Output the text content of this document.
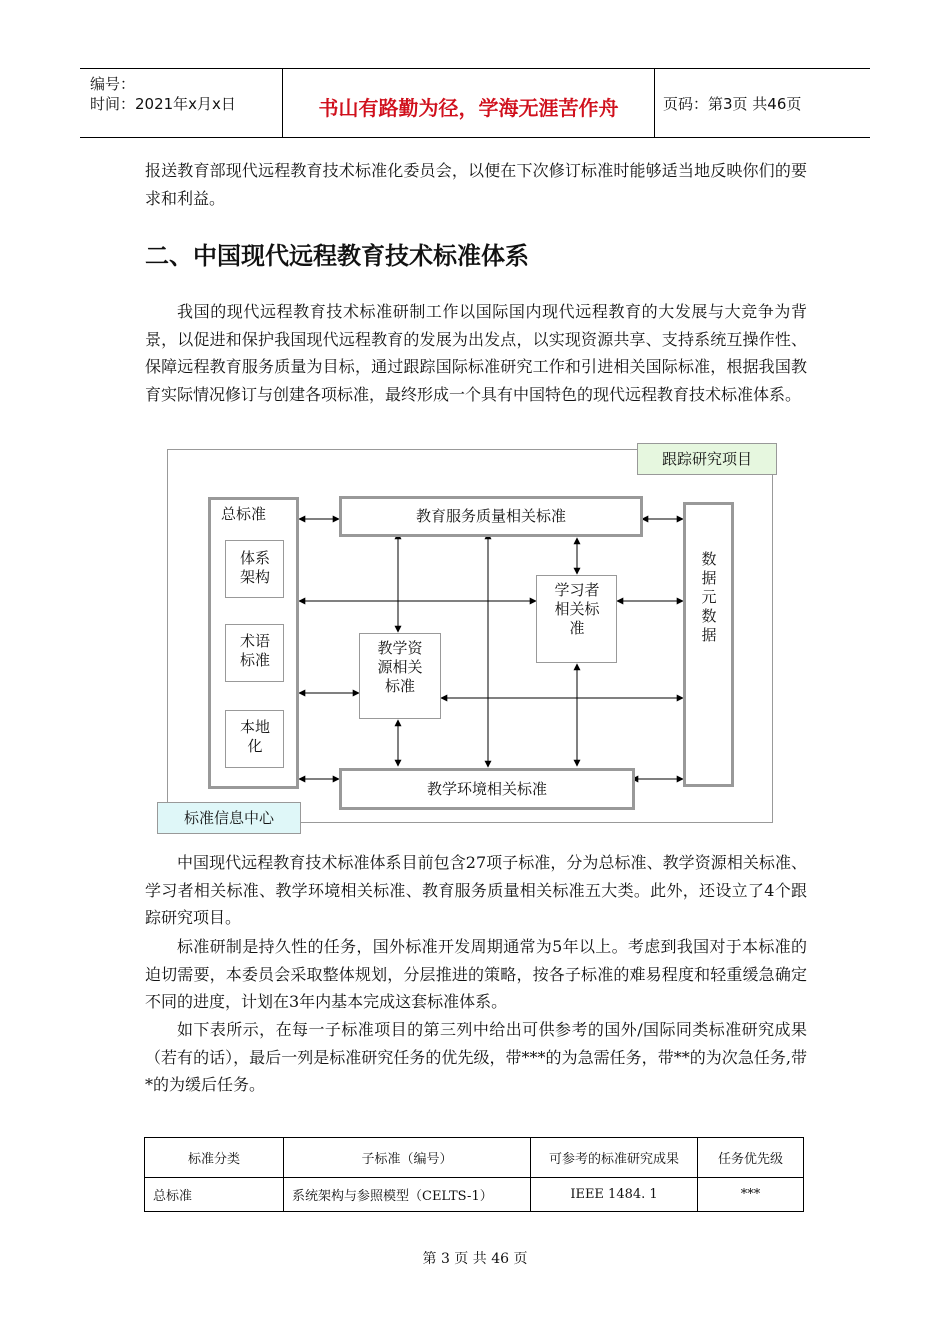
编号：
时间：2021年x月x日	书山有路勤为径，学海无涯苦作舟	页码：第3页 共46页
报送教育部现代远程教育技术标准化委员会，以便在下次修订标准时能够适当地反映你们的要求和利益。
二、中国现代远程教育技术标准体系
我国的现代远程教育技术标准研制工作以国际国内现代远程教育的大发展与大竞争为背景，以促进和保护我国现代远程教育的发展为出发点，以实现资源共享、支持系统互操作性、保障远程教育服务质量为目标，通过跟踪国际标准研究工作和引进相关国际标准，根据我国教育实际情况修订与创建各项标准，最终形成一个具有中国特色的现代远程教育技术标准体系。
跟踪研究项目
标准信息中心
总标准
体系架构
术语标准
本地化
教育服务质量相关标准
学习者相关标准
教学资源相关标准
教学环境相关标准
数据元数据
中国现代远程教育技术标准体系目前包含27项子标准，分为总标准、教学资源相关标准、学习者相关标准、教学环境相关标准、教育服务质量相关标准五大类。此外，还设立了4个跟踪研究项目。
标准研制是持久性的任务，国外标准开发周期通常为5年以上。考虑到我国对于本标准的迫切需要，本委员会采取整体规划，分层推进的策略，按各子标准的难易程度和轻重缓急确定不同的进度，计划在3年内基本完成这套标准体系。
如下表所示，在每一子标准项目的第三列中给出可供参考的国外/国际同类标准研究成果（若有的话），最后一列是标准研究任务的优先级，带***的为急需任务，带**的为次急任务,带*的为缓后任务。
标准分类	子标准（编号）	可参考的标准研究成果	任务优先级
总标准	系统架构与参照模型（CELTS-1）	IEEE 1484. 1	***
第 3 页 共 46 页
